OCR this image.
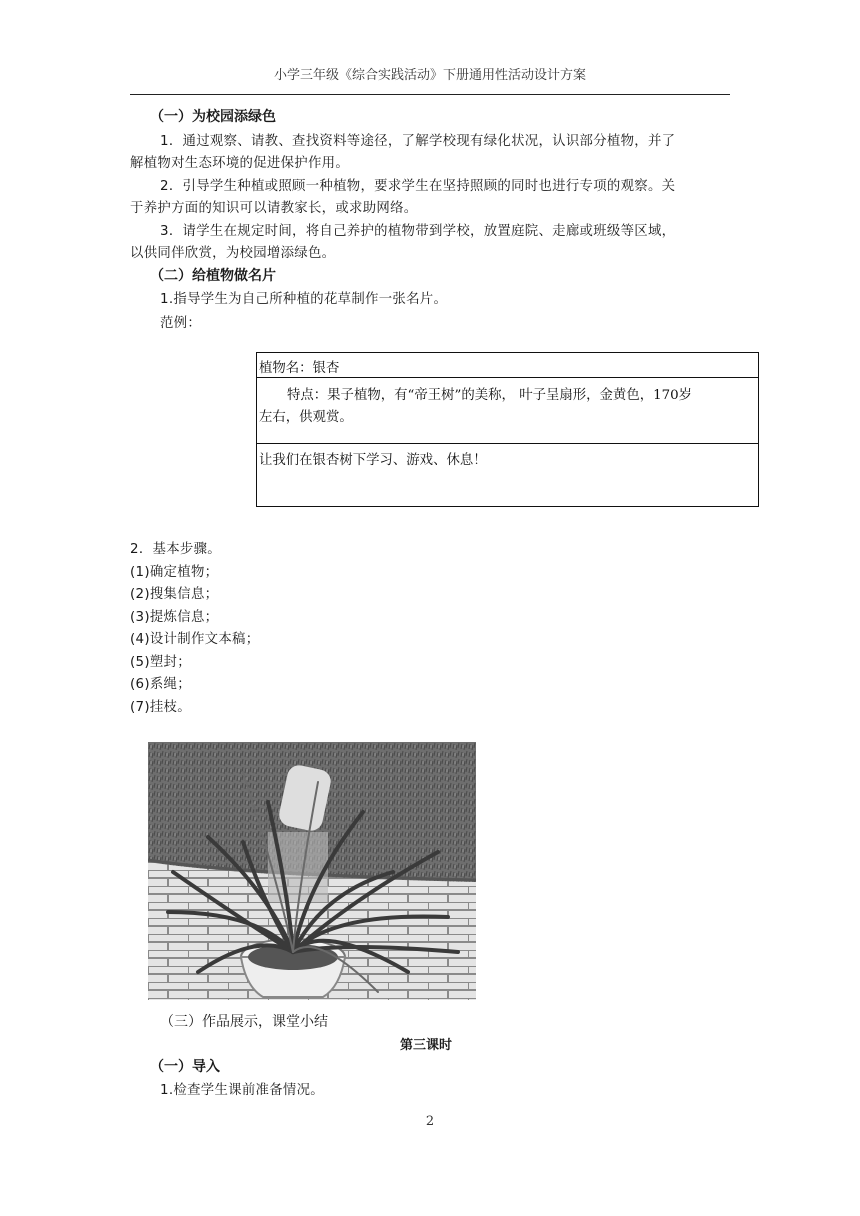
小学三年级《综合实践活动》下册通用性活动设计方案
（一）为校园添绿色
1．通过观察、请教、查找资料等途径，了解学校现有绿化状况，认识部分植物，并了
解植物对生态环境的促进保护作用。
2．引导学生种植或照顾一种植物，要求学生在坚持照顾的同时也进行专项的观察。关
于养护方面的知识可以请教家长，或求助网络。
3．请学生在规定时间，将自己养护的植物带到学校，放置庭院、走廊或班级等区域，
以供同伴欣赏，为校园增添绿色。
（二）给植物做名片
1.指导学生为自己所种植的花草制作一张名片。
范例：
植物名：银杏
特点：果子植物，有“帝王树”的美称， 叶子呈扇形，金黄色，170岁
左右，供观赏。
让我们在银杏树下学习、游戏、休息！
2．基本步骤。
(1)确定植物；
(2)搜集信息；
(3)提炼信息；
(4)设计制作文本稿；
(5)塑封；
(6)系绳；
(7)挂枝。
（三）作品展示，课堂小结
第三课时
（一）导入
1.检查学生课前准备情况。
2
